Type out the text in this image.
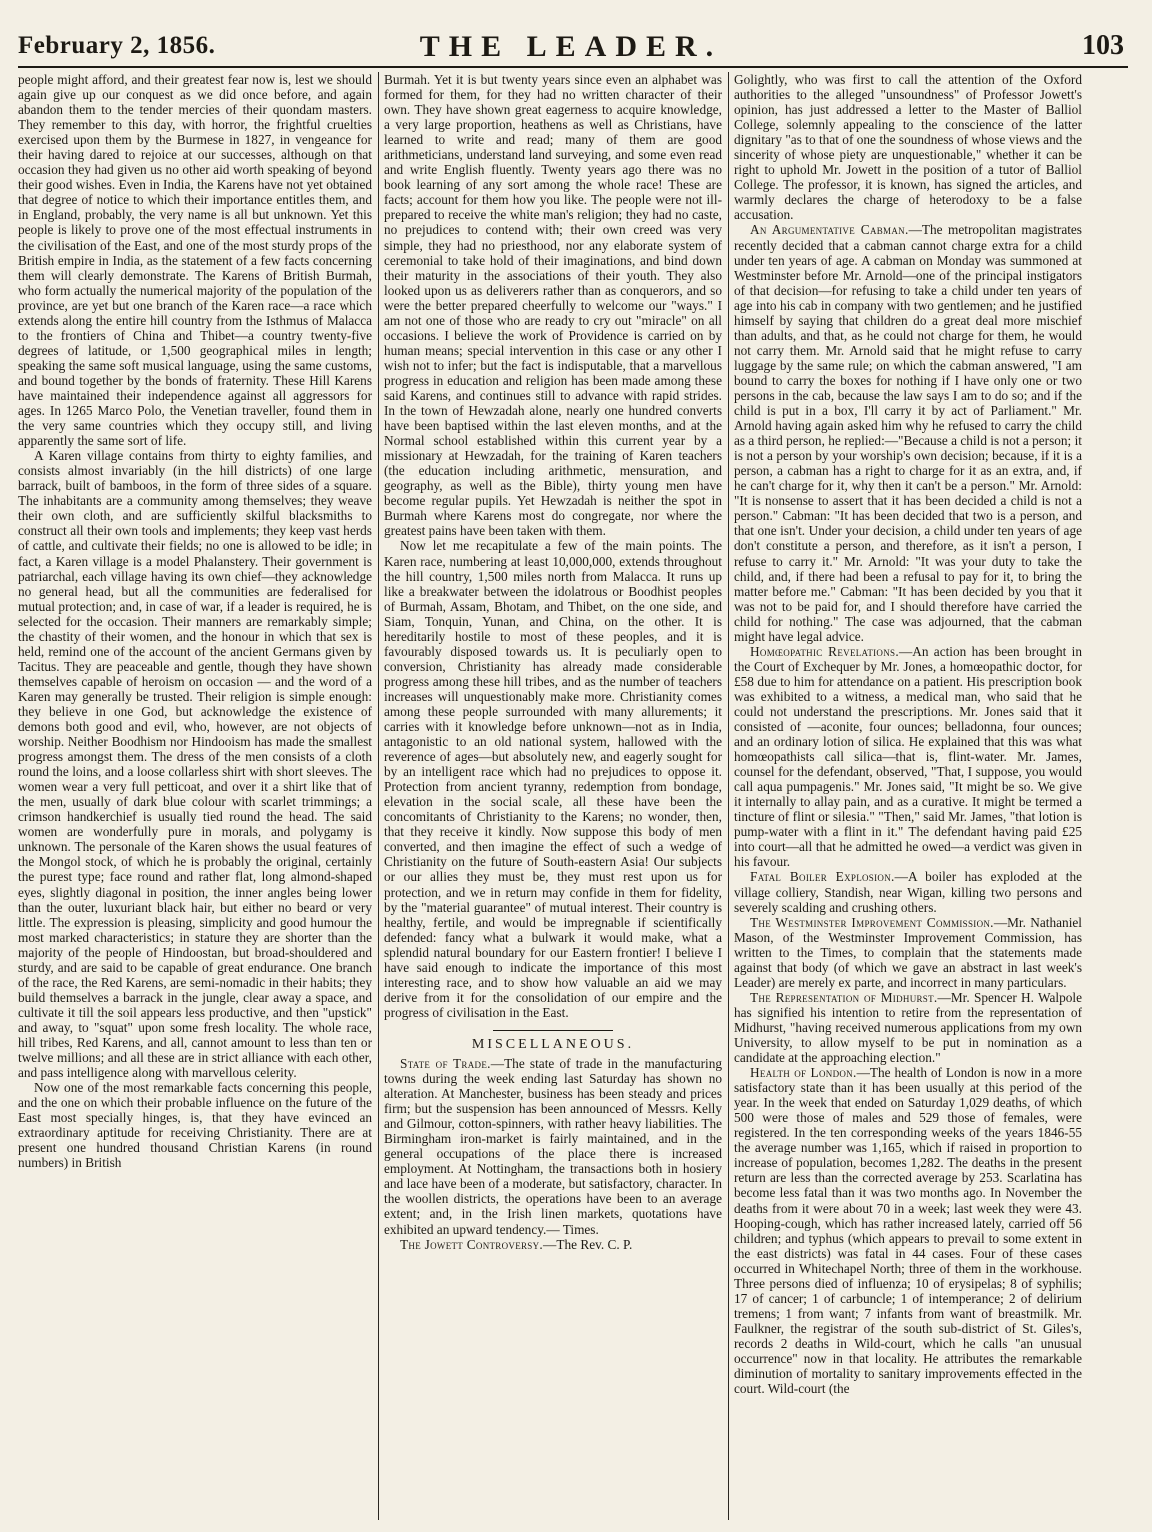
February 2, 1856.	THE LEADER.	103

people might afford, and their greatest fear now is, lest we should again give up our conquest as we did once before, and again abandon them to the tender mercies of their quondam masters. They remember to this day, with horror, the frightful cruelties exercised upon them by the Burmese in 1827, in vengeance for their having dared to rejoice at our successes, although on that occasion they had given us no other aid worth speaking of beyond their good wishes. Even in India, the Karens have not yet obtained that degree of notice to which their importance entitles them, and in England, probably, the very name is all but unknown. Yet this people is likely to prove one of the most effectual instruments in the civilisation of the East, and one of the most sturdy props of the British empire in India, as the statement of a few facts concerning them will clearly demonstrate. The Karens of British Burmah, who form actually the numerical majority of the population of the province, are yet but one branch of the Karen race—a race which extends along the entire hill country from the Isthmus of Malacca to the frontiers of China and Thibet—a country twenty-five degrees of latitude, or 1,500 geographical miles in length; speaking the same soft musical language, using the same customs, and bound together by the bonds of fraternity. These Hill Karens have maintained their independence against all aggressors for ages. In 1265 Marco Polo, the Venetian traveller, found them in the very same countries which they occupy still, and living apparently the same sort of life.

A Karen village contains from thirty to eighty families, and consists almost invariably (in the hill districts) of one large barrack, built of bamboos, in the form of three sides of a square. The inhabitants are a community among themselves; they weave their own cloth, and are sufficiently skilful blacksmiths to construct all their own tools and implements; they keep vast herds of cattle, and cultivate their fields; no one is allowed to be idle; in fact, a Karen village is a model Phalanstery. Their government is patriarchal, each village having its own chief—they acknowledge no general head, but all the communities are federalised for mutual protection; and, in case of war, if a leader is required, he is selected for the occasion. Their manners are remarkably simple; the chastity of their women, and the honour in which that sex is held, remind one of the account of the ancient Germans given by Tacitus. They are peaceable and gentle, though they have shown themselves capable of heroism on occasion — and the word of a Karen may generally be trusted. Their religion is simple enough: they believe in one God, but acknowledge the existence of demons both good and evil, who, however, are not objects of worship. Neither Boodhism nor Hindooism has made the smallest progress amongst them. The dress of the men consists of a cloth round the loins, and a loose collarless shirt with short sleeves. The women wear a very full petticoat, and over it a shirt like that of the men, usually of dark blue colour with scarlet trimmings; a crimson handkerchief is usually tied round the head. The said women are wonderfully pure in morals, and polygamy is unknown. The personale of the Karen shows the usual features of the Mongol stock, of which he is probably the original, certainly the purest type; face round and rather flat, long almond-shaped eyes, slightly diagonal in position, the inner angles being lower than the outer, luxuriant black hair, but either no beard or very little. The expression is pleasing, simplicity and good humour the most marked characteristics; in stature they are shorter than the majority of the people of Hindoostan, but broad-shouldered and sturdy, and are said to be capable of great endurance. One branch of the race, the Red Karens, are semi-nomadic in their habits; they build themselves a barrack in the jungle, clear away a space, and cultivate it till the soil appears less productive, and then "upstick" and away, to "squat" upon some fresh locality. The whole race, hill tribes, Red Karens, and all, cannot amount to less than ten or twelve millions; and all these are in strict alliance with each other, and pass intelligence along with marvellous celerity.

Now one of the most remarkable facts concerning this people, and the one on which their probable influence on the future of the East most specially hinges, is, that they have evinced an extraordinary aptitude for receiving Christianity. There are at present one hundred thousand Christian Karens (in round numbers) in British

Burmah. Yet it is but twenty years since even an alphabet was formed for them, for they had no written character of their own. They have shown great eagerness to acquire knowledge, a very large proportion, heathens as well as Christians, have learned to write and read; many of them are good arithmeticians, understand land surveying, and some even read and write English fluently. Twenty years ago there was no book learning of any sort among the whole race! These are facts; account for them how you like. The people were not ill-prepared to receive the white man's religion; they had no caste, no prejudices to contend with; their own creed was very simple, they had no priesthood, nor any elaborate system of ceremonial to take hold of their imaginations, and bind down their maturity in the associations of their youth. They also looked upon us as deliverers rather than as conquerors, and so were the better prepared cheerfully to welcome our "ways." I am not one of those who are ready to cry out "miracle" on all occasions. I believe the work of Providence is carried on by human means; special intervention in this case or any other I wish not to infer; but the fact is indisputable, that a marvellous progress in education and religion has been made among these said Karens, and continues still to advance with rapid strides. In the town of Hewzadah alone, nearly one hundred converts have been baptised within the last eleven months, and at the Normal school established within this current year by a missionary at Hewzadah, for the training of Karen teachers (the education including arithmetic, mensuration, and geography, as well as the Bible), thirty young men have become regular pupils. Yet Hewzadah is neither the spot in Burmah where Karens most do congregate, nor where the greatest pains have been taken with them.

Now let me recapitulate a few of the main points. The Karen race, numbering at least 10,000,000, extends throughout the hill country, 1,500 miles north from Malacca. It runs up like a breakwater between the idolatrous or Boodhist peoples of Burmah, Assam, Bhotam, and Thibet, on the one side, and Siam, Tonquin, Yunan, and China, on the other. It is hereditarily hostile to most of these peoples, and it is favourably disposed towards us. It is peculiarly open to conversion, Christianity has already made considerable progress among these hill tribes, and as the number of teachers increases will unquestionably make more. Christianity comes among these people surrounded with many allurements; it carries with it knowledge before unknown—not as in India, antagonistic to an old national system, hallowed with the reverence of ages—but absolutely new, and eagerly sought for by an intelligent race which had no prejudices to oppose it. Protection from ancient tyranny, redemption from bondage, elevation in the social scale, all these have been the concomitants of Christianity to the Karens; no wonder, then, that they receive it kindly. Now suppose this body of men converted, and then imagine the effect of such a wedge of Christianity on the future of South-eastern Asia! Our subjects or our allies they must be, they must rest upon us for protection, and we in return may confide in them for fidelity, by the "material guarantee" of mutual interest. Their country is healthy, fertile, and would be impregnable if scientifically defended: fancy what a bulwark it would make, what a splendid natural boundary for our Eastern frontier! I believe I have said enough to indicate the importance of this most interesting race, and to show how valuable an aid we may derive from it for the consolidation of our empire and the progress of civilisation in the East.

MISCELLANEOUS.

State of Trade.—The state of trade in the manufacturing towns during the week ending last Saturday has shown no alteration. At Manchester, business has been steady and prices firm; but the suspension has been announced of Messrs. Kelly and Gilmour, cotton-spinners, with rather heavy liabilities. The Birmingham iron-market is fairly maintained, and in the general occupations of the place there is increased employment. At Nottingham, the transactions both in hosiery and lace have been of a moderate, but satisfactory, character. In the woollen districts, the operations have been to an average extent; and, in the Irish linen markets, quotations have exhibited an upward tendency.— Times.

The Jowett Controversy.—The Rev. C. P.

Golightly, who was first to call the attention of the Oxford authorities to the alleged "unsoundness" of Professor Jowett's opinion, has just addressed a letter to the Master of Balliol College, solemnly appealing to the conscience of the latter dignitary "as to that of one the soundness of whose views and the sincerity of whose piety are unquestionable," whether it can be right to uphold Mr. Jowett in the position of a tutor of Balliol College. The professor, it is known, has signed the articles, and warmly declares the charge of heterodoxy to be a false accusation.

An Argumentative Cabman.—The metropolitan magistrates recently decided that a cabman cannot charge extra for a child under ten years of age. A cabman on Monday was summoned at Westminster before Mr. Arnold—one of the principal instigators of that decision—for refusing to take a child under ten years of age into his cab in company with two gentlemen; and he justified himself by saying that children do a great deal more mischief than adults, and that, as he could not charge for them, he would not carry them. Mr. Arnold said that he might refuse to carry luggage by the same rule; on which the cabman answered, "I am bound to carry the boxes for nothing if I have only one or two persons in the cab, because the law says I am to do so; and if the child is put in a box, I'll carry it by act of Parliament." Mr. Arnold having again asked him why he refused to carry the child as a third person, he replied:—"Because a child is not a person; it is not a person by your worship's own decision; because, if it is a person, a cabman has a right to charge for it as an extra, and, if he can't charge for it, why then it can't be a person." Mr. Arnold: "It is nonsense to assert that it has been decided a child is not a person." Cabman: "It has been decided that two is a person, and that one isn't. Under your decision, a child under ten years of age don't constitute a person, and therefore, as it isn't a person, I refuse to carry it." Mr. Arnold: "It was your duty to take the child, and, if there had been a refusal to pay for it, to bring the matter before me." Cabman: "It has been decided by you that it was not to be paid for, and I should therefore have carried the child for nothing." The case was adjourned, that the cabman might have legal advice.

Homœopathic Revelations.—An action has been brought in the Court of Exchequer by Mr. Jones, a homœopathic doctor, for £58 due to him for attendance on a patient. His prescription book was exhibited to a witness, a medical man, who said that he could not understand the prescriptions. Mr. Jones said that it consisted of —aconite, four ounces; belladonna, four ounces; and an ordinary lotion of silica. He explained that this was what homœopathists call silica—that is, flint-water. Mr. James, counsel for the defendant, observed, "That, I suppose, you would call aqua pumpagenis." Mr. Jones said, "It might be so. We give it internally to allay pain, and as a curative. It might be termed a tincture of flint or silesia." "Then," said Mr. James, "that lotion is pump-water with a flint in it." The defendant having paid £25 into court—all that he admitted he owed—a verdict was given in his favour.

Fatal Boiler Explosion.—A boiler has exploded at the village colliery, Standish, near Wigan, killing two persons and severely scalding and crushing others.

The Westminster Improvement Commission.—Mr. Nathaniel Mason, of the Westminster Improvement Commission, has written to the Times, to complain that the statements made against that body (of which we gave an abstract in last week's Leader) are merely ex parte, and incorrect in many particulars.

The Representation of Midhurst.—Mr. Spencer H. Walpole has signified his intention to retire from the representation of Midhurst, "having received numerous applications from my own University, to allow myself to be put in nomination as a candidate at the approaching election."

Health of London.—The health of London is now in a more satisfactory state than it has been usually at this period of the year. In the week that ended on Saturday 1,029 deaths, of which 500 were those of males and 529 those of females, were registered. In the ten corresponding weeks of the years 1846-55 the average number was 1,165, which if raised in proportion to increase of population, becomes 1,282. The deaths in the present return are less than the corrected average by 253. Scarlatina has become less fatal than it was two months ago. In November the deaths from it were about 70 in a week; last week they were 43. Hooping-cough, which has rather increased lately, carried off 56 children; and typhus (which appears to prevail to some extent in the east districts) was fatal in 44 cases. Four of these cases occurred in Whitechapel North; three of them in the workhouse. Three persons died of influenza; 10 of erysipelas; 8 of syphilis; 17 of cancer; 1 of carbuncle; 1 of intemperance; 2 of delirium tremens; 1 from want; 7 infants from want of breastmilk. Mr. Faulkner, the registrar of the south sub-district of St. Giles's, records 2 deaths in Wild-court, which he calls "an unusual occurrence" now in that locality. He attributes the remarkable diminution of mortality to sanitary improvements effected in the court. Wild-court (the
